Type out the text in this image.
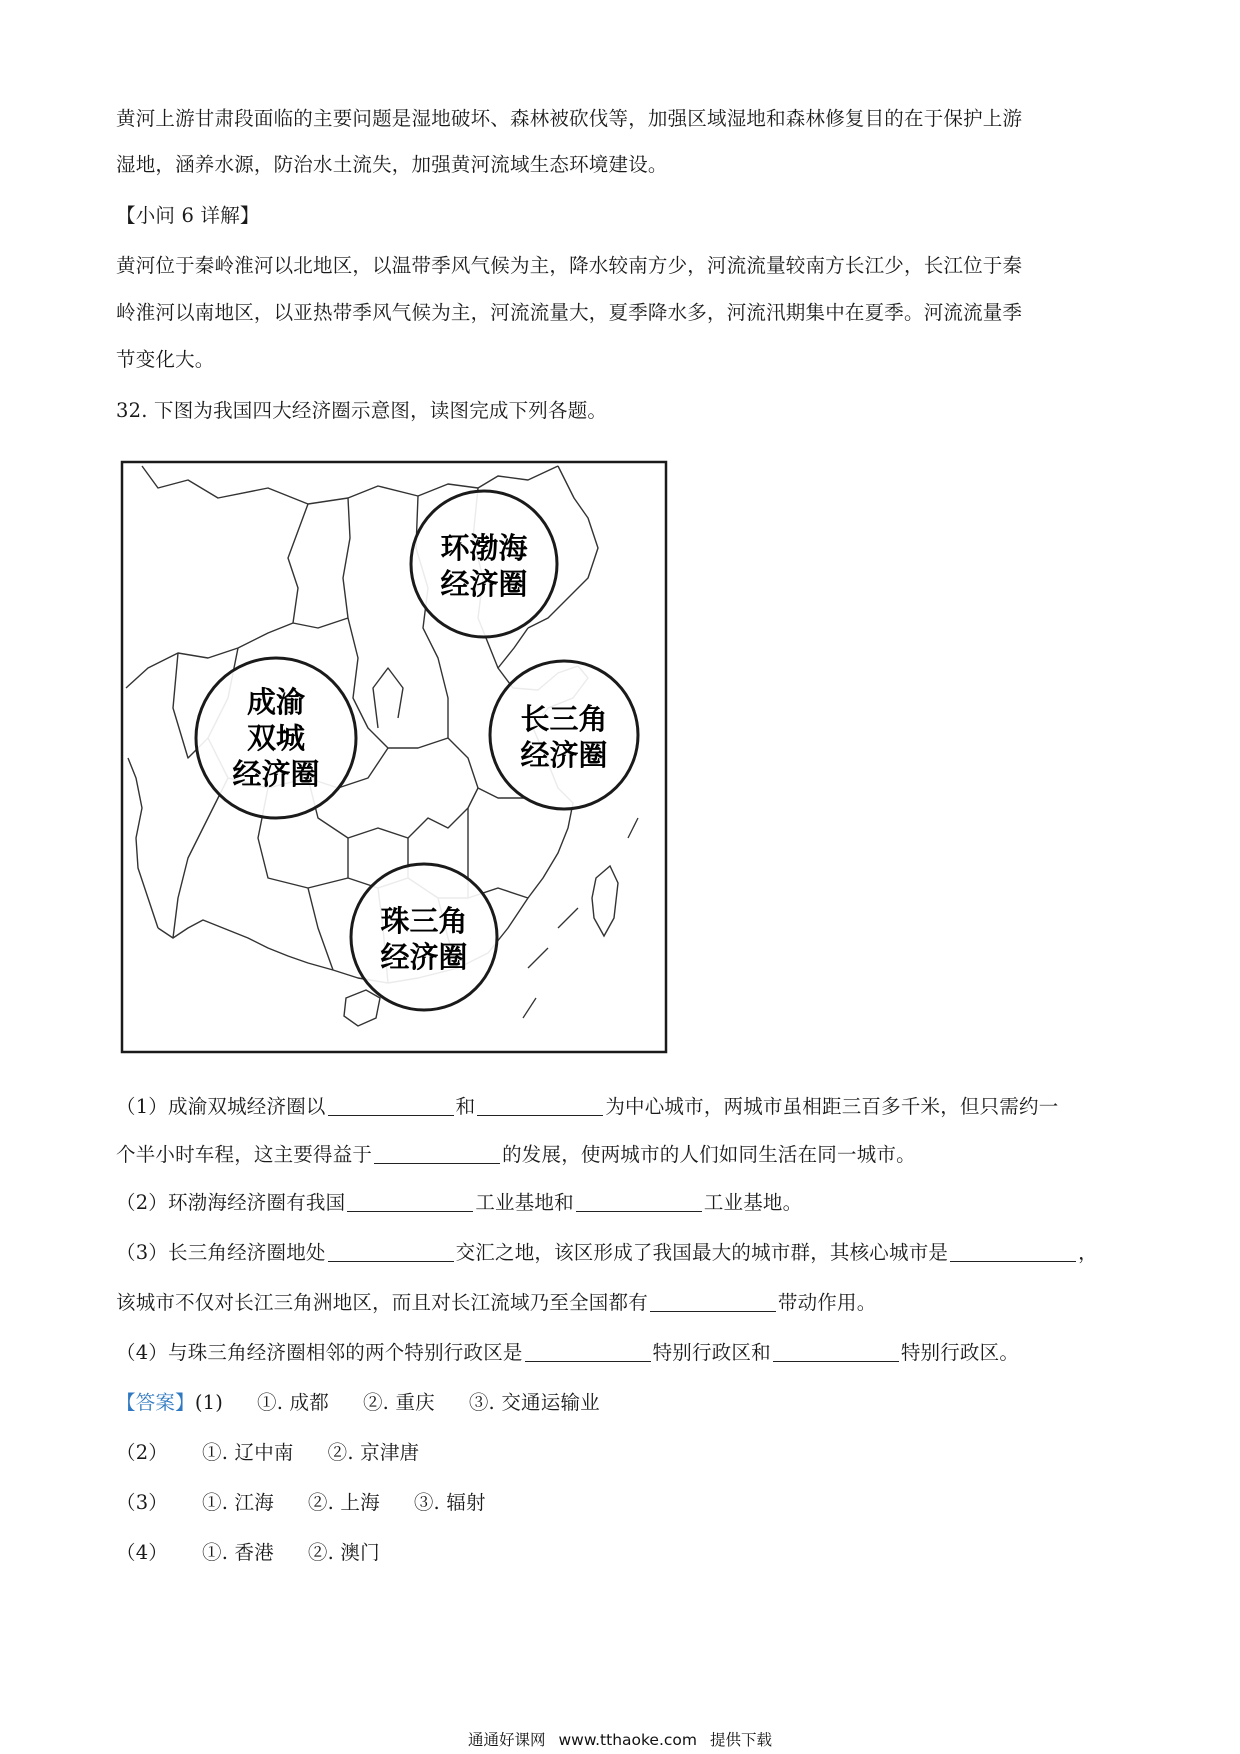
黄河上游甘肃段面临的主要问题是湿地破坏、森林被砍伐等，加强区域湿地和森林修复目的在于保护上游
湿地，涵养水源，防治水土流失，加强黄河流域生态环境建设。
【小问 6 详解】
黄河位于秦岭淮河以北地区，以温带季风气候为主，降水较南方少，河流流量较南方长江少，长江位于秦
岭淮河以南地区，以亚热带季风气候为主，河流流量大，夏季降水多，河流汛期集中在夏季。河流流量季
节变化大。
32. 下图为我国四大经济圈示意图，读图完成下列各题。
环渤海
经济圈
成渝
双城
经济圈
长三角
经济圈
珠三角
经济圈
（1）成渝双城经济圈以	和	为中心城市，两城市虽相距三百多千米，但只需约一
个半小时车程，这主要得益于	的发展，使两城市的人们如同生活在同一城市。
（2）环渤海经济圈有我国	工业基地和	工业基地。
（3）长三角经济圈地处	交汇之地，该区形成了我国最大的城市群，其核心城市是	，
该城市不仅对长江三角洲地区，而且对长江流域乃至全国都有	带动作用。
（4）与珠三角经济圈相邻的两个特别行政区是	特别行政区和	特别行政区。
【答案】(1) ①. 成都 ②. 重庆 ③. 交通运输业
（2） ①. 辽中南 ②. 京津唐
（3） ①. 江海 ②. 上海 ③. 辐射
（4） ①. 香港 ②. 澳门
通通好课网 www.tthaoke.com 提供下载
